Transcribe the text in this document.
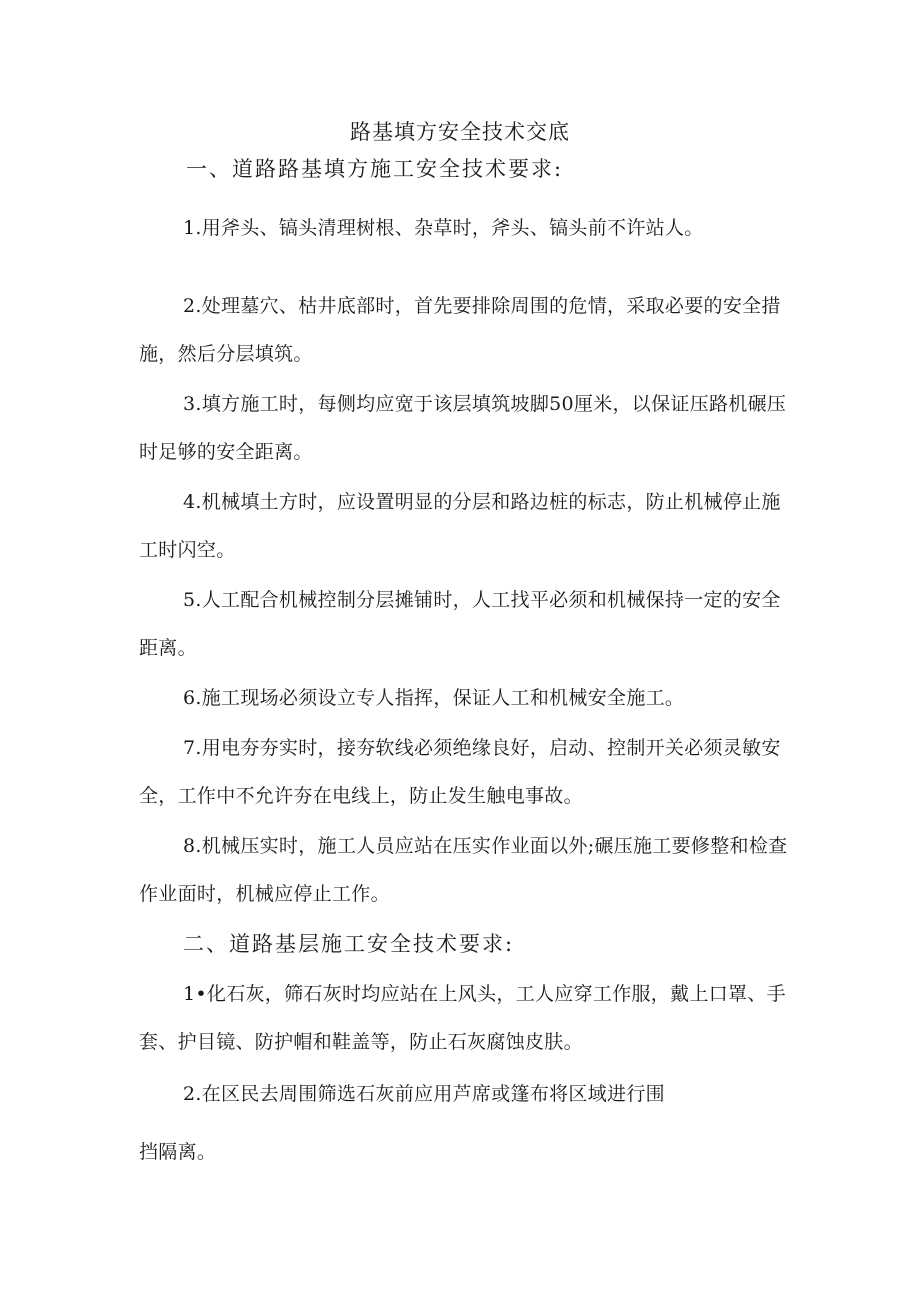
路基填方安全技术交底
一、道路路基填方施工安全技术要求:
1.用斧头、镐头清理树根、杂草时，斧头、镐头前不许站人。
2.处理墓穴、枯井底部时，首先要排除周围的危情，采取必要的安全措施，然后分层填筑。
3.填方施工时，每侧均应宽于该层填筑坡脚50厘米，以保证压路机碾压时足够的安全距离。
4.机械填土方时，应设置明显的分层和路边桩的标志，防止机械停止施工时闪空。
5.人工配合机械控制分层摊铺时，人工找平必须和机械保持一定的安全距离。
6.施工现场必须设立专人指挥，保证人工和机械安全施工。
7.用电夯夯实时，接夯软线必须绝缘良好，启动、控制开关必须灵敏安全，工作中不允许夯在电线上，防止发生触电事故。
8.机械压实时，施工人员应站在压实作业面以外;碾压施工要修整和检查作业面时，机械应停止工作。
二、道路基层施工安全技术要求:
1•化石灰，筛石灰时均应站在上风头，工人应穿工作服，戴上口罩、手套、护目镜、防护帽和鞋盖等，防止石灰腐蚀皮肤。
2.在区民去周围筛选石灰前应用芦席或篷布将区域进行围
挡隔离。
